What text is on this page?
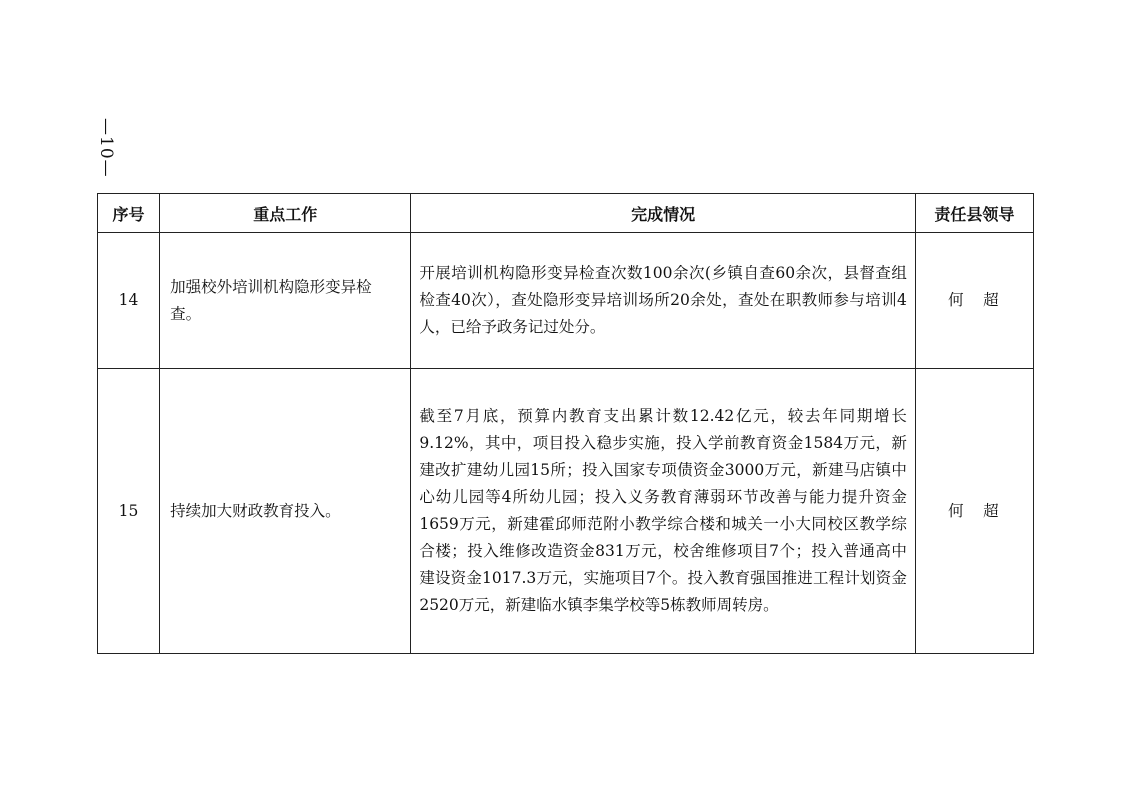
—10—
序号	重点工作	完成情况	责任县领导
14	加强校外培训机构隐形变异检查。	开展培训机构隐形变异检查次数100余次(乡镇自查60余次，县督查组检查40次），查处隐形变异培训场所20余处，查处在职教师参与培训4人，已给予政务记过处分。	何　超
15	持续加大财政教育投入。	截至7月底，预算内教育支出累计数12.42亿元，较去年同期增长9.12%，其中，项目投入稳步实施，投入学前教育资金1584万元，新建改扩建幼儿园15所；投入国家专项债资金3000万元，新建马店镇中心幼儿园等4所幼儿园；投入义务教育薄弱环节改善与能力提升资金1659万元，新建霍邱师范附小教学综合楼和城关一小大同校区教学综合楼；投入维修改造资金831万元，校舍维修项目7个；投入普通高中建设资金1017.3万元，实施项目7个。投入教育强国推进工程计划资金2520万元，新建临水镇李集学校等5栋教师周转房。	何　超
